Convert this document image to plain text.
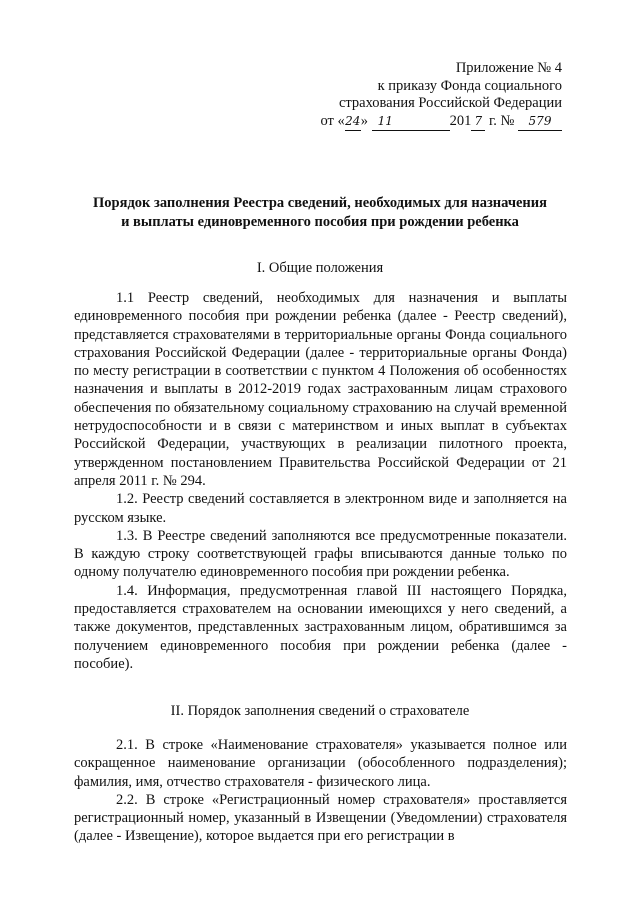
Приложение № 4
к приказу Фонда социального
страхования Российской Федерации
от «24» 11	201 7 г. № 579
Порядок заполнения Реестра сведений, необходимых для назначения
и выплаты единовременного пособия при рождении ребенка
I. Общие положения

1.1 Реестр сведений, необходимых для назначения и выплаты единовременного пособия при рождении ребенка (далее - Реестр сведений), представляется страхователями в территориальные органы Фонда социального страхования Российской Федерации (далее - территориальные органы Фонда) по месту регистрации в соответствии с пунктом 4 Положения об особенностях назначения и выплаты в 2012-2019 годах застрахованным лицам страхового обеспечения по обязательному социальному страхованию на случай временной нетрудоспособности и в связи с материнством и иных выплат в субъектах Российской Федерации, участвующих в реализации пилотного проекта, утвержденном постановлением Правительства Российской Федерации от 21 апреля 2011 г. № 294.

1.2. Реестр сведений составляется в электронном виде и заполняется на русском языке.

1.3. В Реестре сведений заполняются все предусмотренные показатели. В каждую строку соответствующей графы вписываются данные только по одному получателю единовременного пособия при рождении ребенка.

1.4. Информация, предусмотренная главой III настоящего Порядка, предоставляется страхователем на основании имеющихся у него сведений, а также документов, представленных застрахованным лицом, обратившимся за получением единовременного пособия при рождении ребенка (далее - пособие).

II. Порядок заполнения сведений о страхователе

2.1. В строке «Наименование страхователя» указывается полное или сокращенное наименование организации (обособленного подразделения); фамилия, имя, отчество страхователя - физического лица.

2.2. В строке «Регистрационный номер страхователя» проставляется регистрационный номер, указанный в Извещении (Уведомлении) страхователя (далее - Извещение), которое выдается при его регистрации в
